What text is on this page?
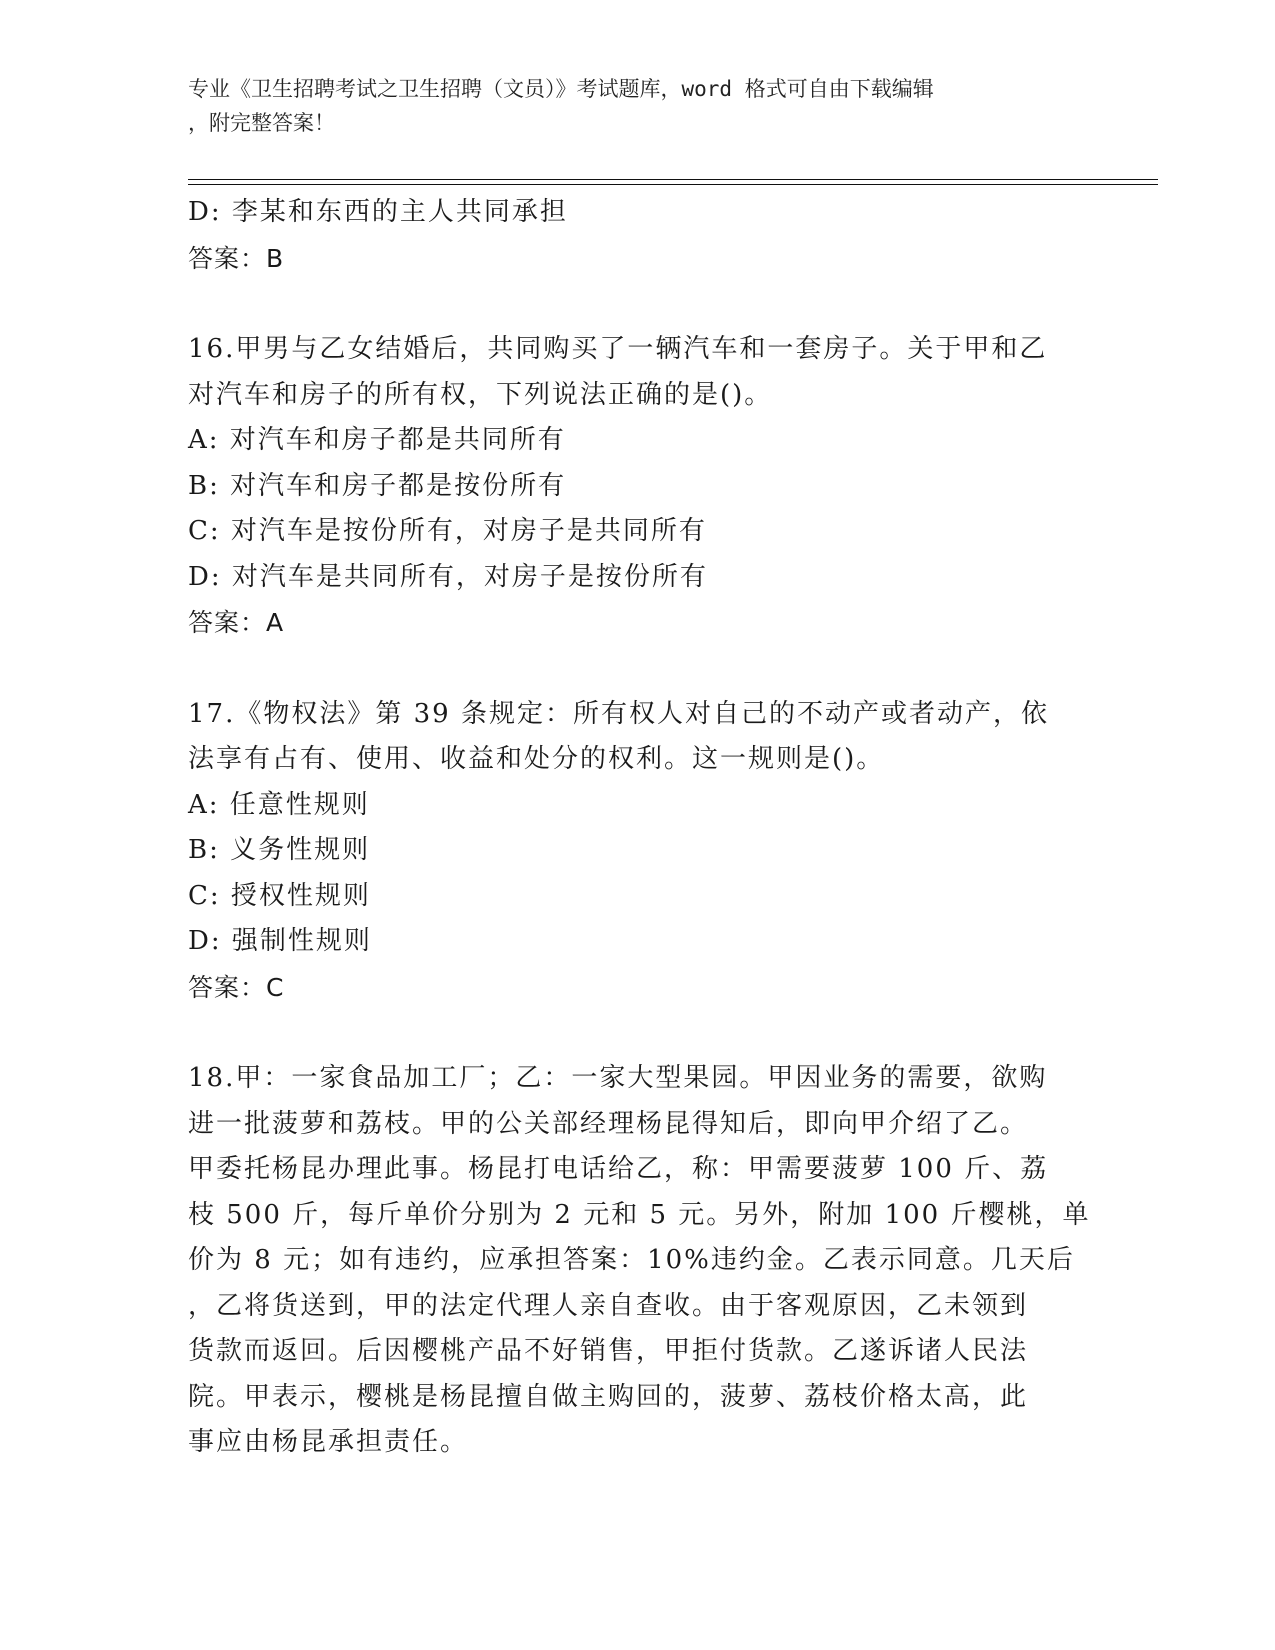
专业《卫生招聘考试之卫生招聘（文员）》考试题库，word 格式可自由下载编辑
，附完整答案！
D: 李某和东西的主人共同承担
答案：B
16.甲男与乙女结婚后，共同购买了一辆汽车和一套房子。关于甲和乙
对汽车和房子的所有权，下列说法正确的是()。
A: 对汽车和房子都是共同所有
B: 对汽车和房子都是按份所有
C: 对汽车是按份所有，对房子是共同所有
D: 对汽车是共同所有，对房子是按份所有
答案：A
17.《物权法》第 39 条规定：所有权人对自己的不动产或者动产，依
法享有占有、使用、收益和处分的权利。这一规则是()。
A: 任意性规则
B: 义务性规则
C: 授权性规则
D: 强制性规则
答案：C
18.甲：一家食品加工厂；乙：一家大型果园。甲因业务的需要，欲购
进一批菠萝和荔枝。甲的公关部经理杨昆得知后，即向甲介绍了乙。
甲委托杨昆办理此事。杨昆打电话给乙，称：甲需要菠萝 100 斤、荔
枝 500 斤，每斤单价分别为 2 元和 5 元。另外，附加 100 斤樱桃，单
价为 8 元；如有违约，应承担答案：10%违约金。乙表示同意。几天后
，乙将货送到，甲的法定代理人亲自查收。由于客观原因，乙未领到
货款而返回。后因樱桃产品不好销售，甲拒付货款。乙遂诉诸人民法
院。甲表示，樱桃是杨昆擅自做主购回的，菠萝、荔枝价格太高，此
事应由杨昆承担责任。
